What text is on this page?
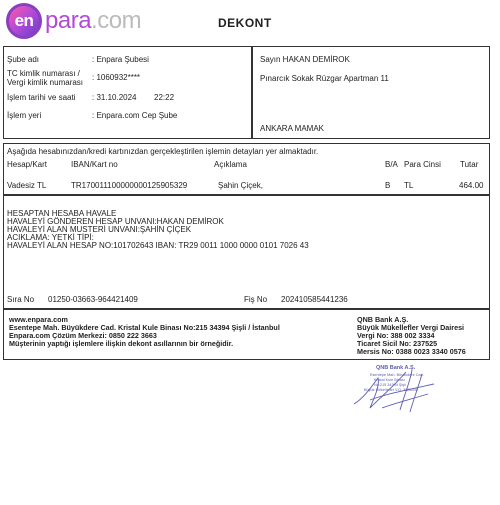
en para.com	DEKONT
Şube adı	: Enpara Şubesi
TC kimlik numarası /
Vergi kimlik numarası
: 1060932****
İşlem tarihi ve saati : 31.10.2024 22:22
İşlem yeri	: Enpara.com Cep Şube
Sayın HAKAN DEMİROK
Pınarcık Sokak Rüzgar Apartman 11
ANKARA MAMAK
Aşağıda hesabınızdan/kredi kartınızdan gerçekleştirilen işlemin detayları yer almaktadır.
Hesap/Kart	IBAN/Kart no	Açıklama	B/A Para Cinsi Tutar
Vadesiz TL	TR170011100000000125905329	Şahin Çiçek,	B TL	464.00
HESAPTAN HESABA HAVALE
HAVALEYİ GÖNDEREN HESAP UNVANI:HAKAN DEMİROK
HAVALEYİ ALAN MUSTERİ UNVANI:ŞAHİN ÇİÇEK
ACIKLAMA: YETKİ TİPİ:
HAVALEYİ ALAN HESAP NO:101702643 IBAN: TR29 0011 1000 0000 0101 7026 43
Sıra No 01250-03663-964421409	Fiş No 202410585441236
www.enpara.com
Esentepe Mah. Büyükdere Cad. Kristal Kule Binası No:215 34394 Şişli / İstanbul
Enpara.com Çözüm Merkezi: 0850 222 3663
Müşterinin yaptığı işlemlere ilişkin dekont asıllarının bir örneğidir.
QNB Bank A.Ş.
Büyük Mükellefler Vergi Dairesi
Vergi No: 388 002 3334
Ticaret Sicil No: 237525
Mersis No: 0388 0023 3340 0576
QNB Bank A.Ş.
Esentepe Mah. Büyükdere Cad.
Kristal Kule Binası
No:215 34394 Şişli
Büyük Mükellefler V.D. 3883340
